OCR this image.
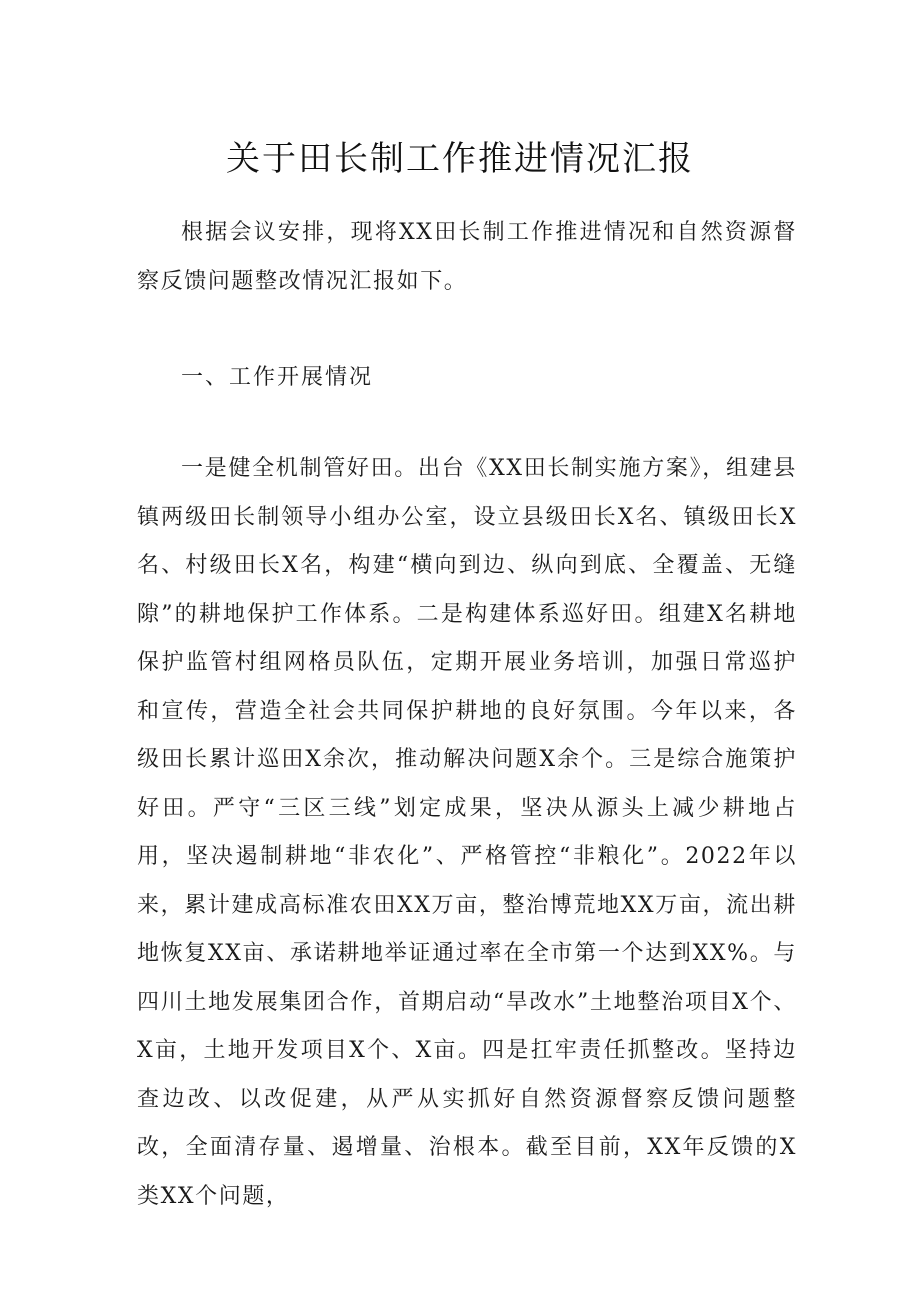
关于田长制工作推进情况汇报

根据会议安排，现将XX田长制工作推进情况和自然资源督察反馈问题整改情况汇报如下。

一、工作开展情况

一是健全机制管好田。出台《XX田长制实施方案》，组建县镇两级田长制领导小组办公室，设立县级田长X名、镇级田长X名、村级田长X名，构建“横向到边、纵向到底、全覆盖、无缝隙”的耕地保护工作体系。二是构建体系巡好田。组建X名耕地保护监管村组网格员队伍，定期开展业务培训，加强日常巡护和宣传，营造全社会共同保护耕地的良好氛围。今年以来，各级田长累计巡田X余次，推动解决问题X余个。三是综合施策护好田。严守“三区三线”划定成果，坚决从源头上减少耕地占用，坚决遏制耕地“非农化”、严格管控“非粮化”。2022年以来，累计建成高标准农田XX万亩，整治博荒地XX万亩，流出耕地恢复XX亩、承诺耕地举证通过率在全市第一个达到XX%。与四川土地发展集团合作，首期启动“旱改水”土地整治项目X个、X亩，土地开发项目X个、X亩。四是扛牢责任抓整改。坚持边查边改、以改促建，从严从实抓好自然资源督察反馈问题整改，全面清存量、遏增量、治根本。截至目前，XX年反馈的X类XX个问题，
